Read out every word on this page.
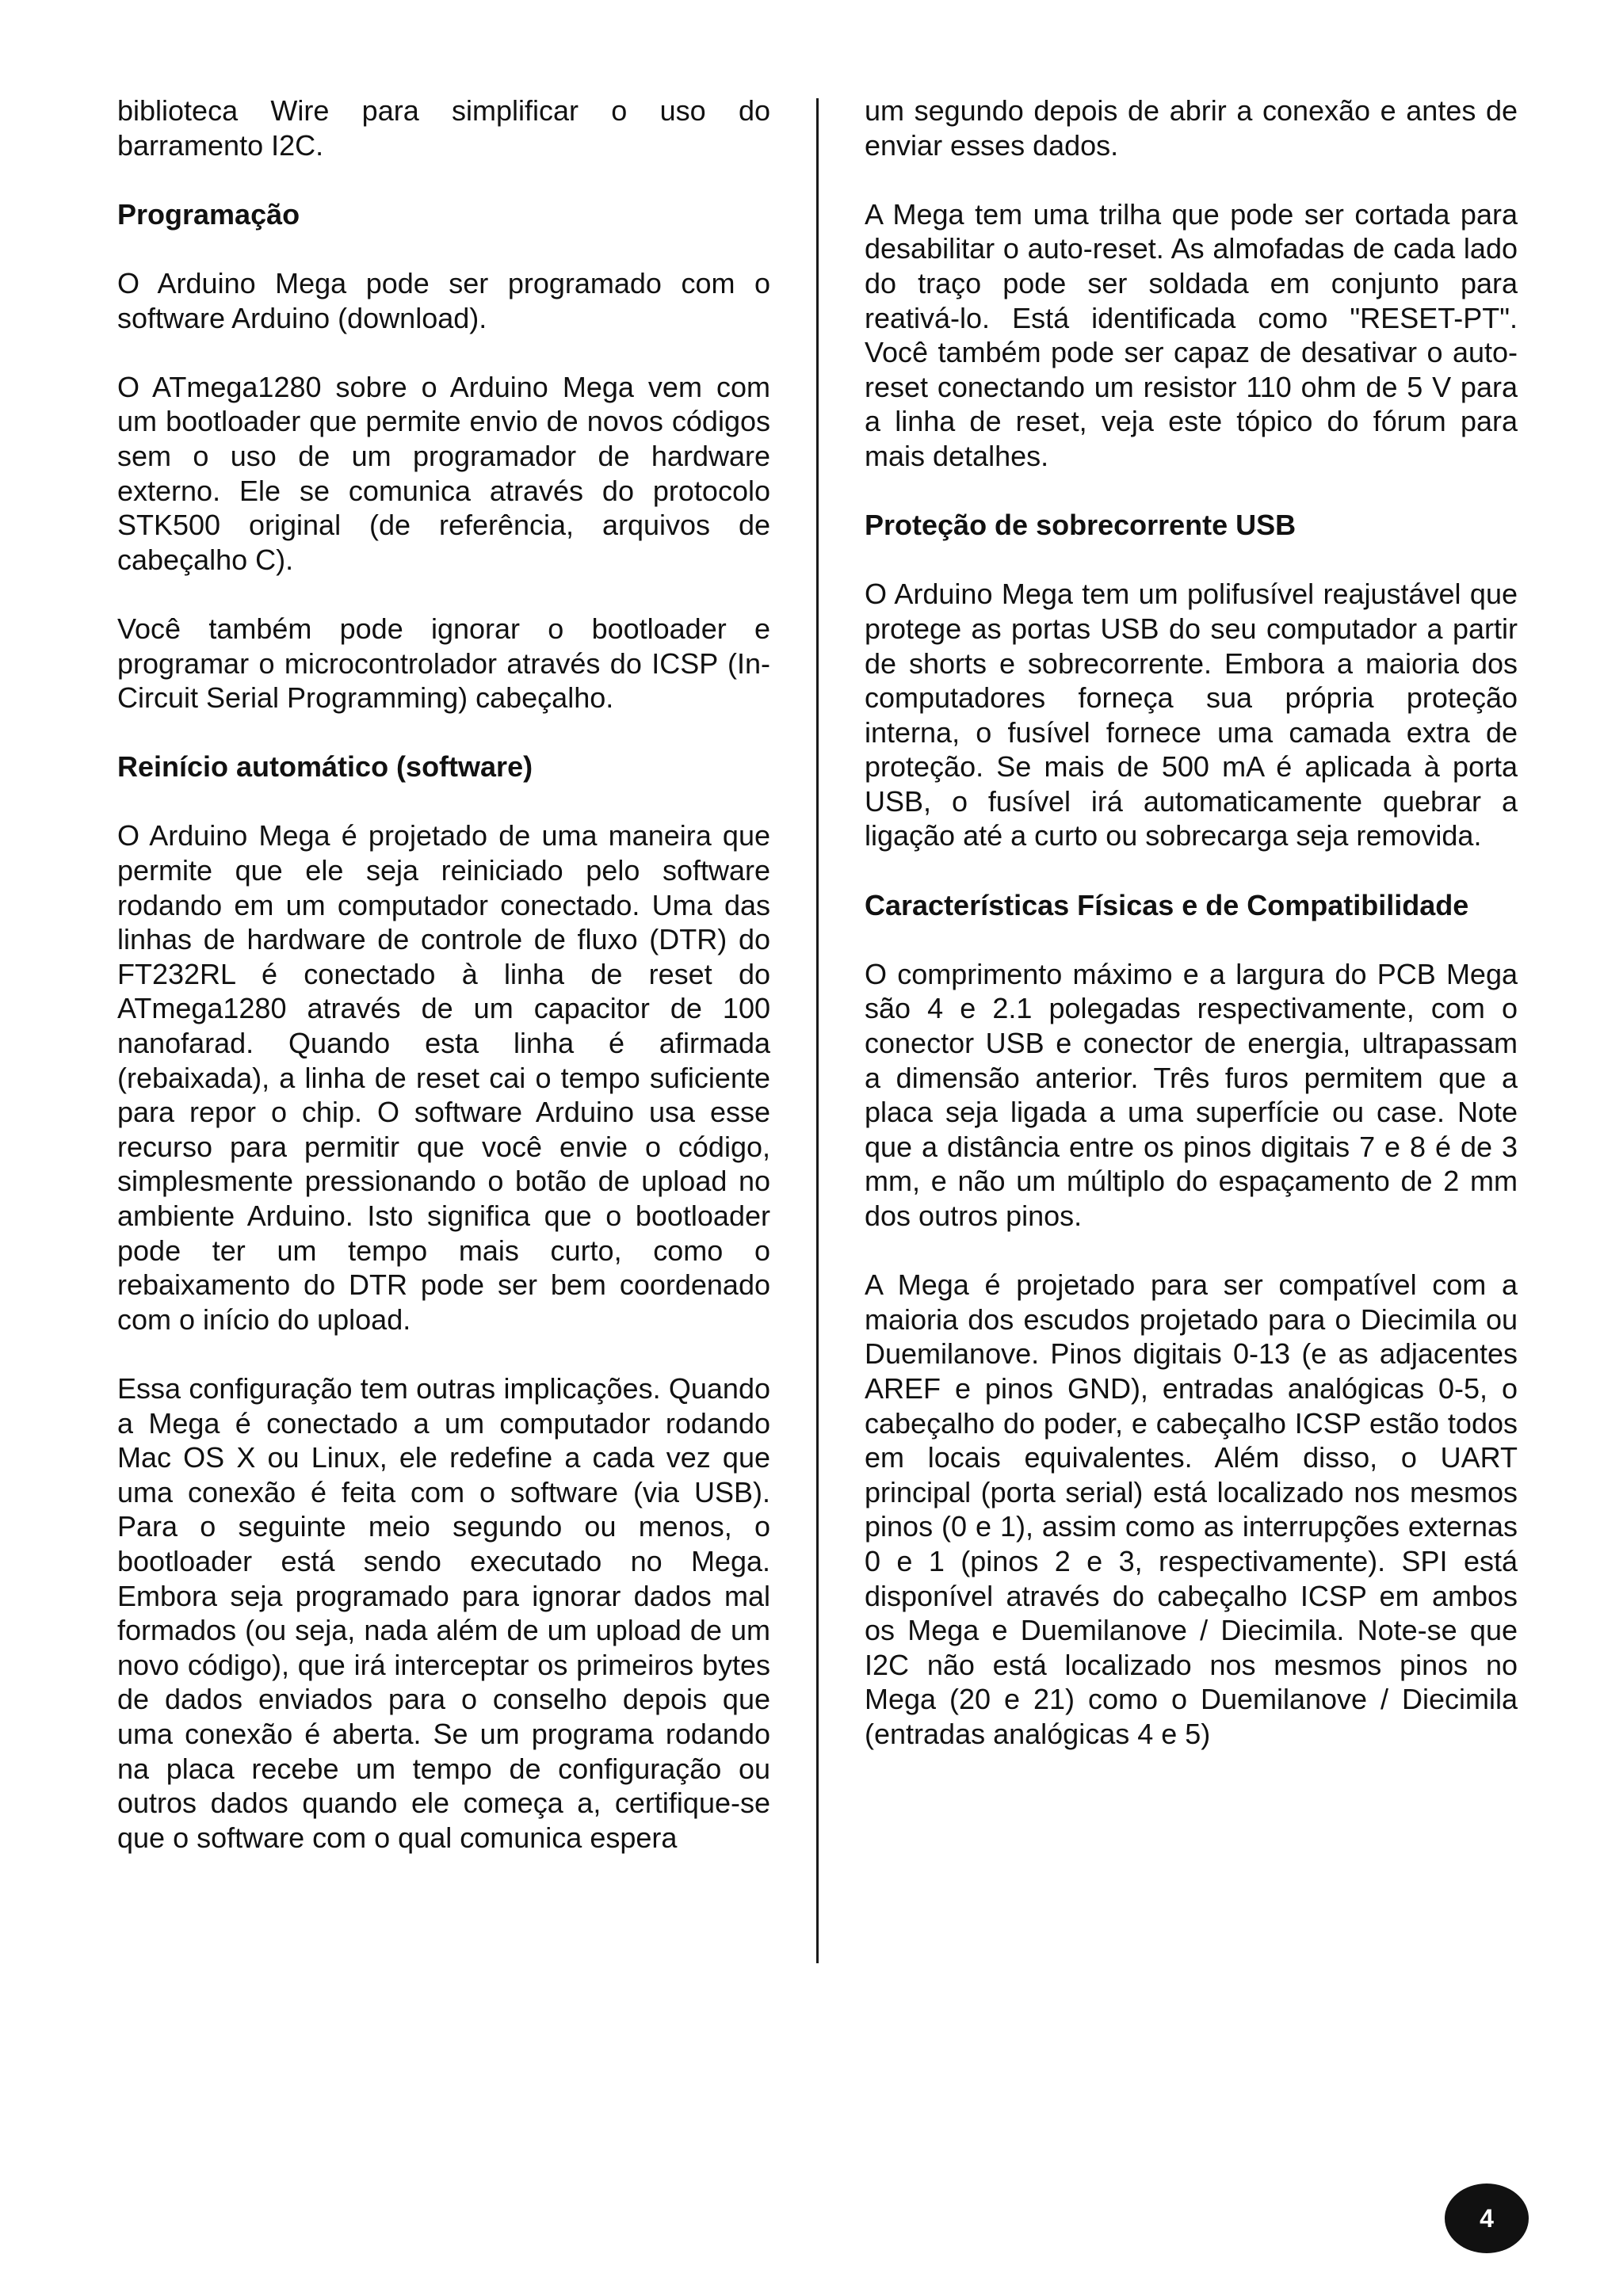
biblioteca Wire para simplificar o uso do barramento I2C.

Programação

O Arduino Mega pode ser programado com o software Arduino (download).

O ATmega1280 sobre o Arduino Mega vem com um bootloader que permite envio de novos códigos sem o uso de um programador de hardware externo. Ele se comunica através do protocolo STK500 original (de referência, arquivos de cabeçalho C).

Você também pode ignorar o bootloader e programar o microcontrolador através do ICSP (In-Circuit Serial Programming) cabeçalho.

Reinício automático (software)

O Arduino Mega é projetado de uma maneira que permite que ele seja reiniciado pelo software rodando em um computador conectado. Uma das linhas de hardware de controle de fluxo (DTR) do FT232RL é conectado à linha de reset do ATmega1280 através de um capacitor de 100 nanofarad. Quando esta linha é afirmada (rebaixada), a linha de reset cai o tempo suficiente para repor o chip. O software Arduino usa esse recurso para permitir que você envie o código, simplesmente pressionando o botão de upload no ambiente Arduino. Isto significa que o bootloader pode ter um tempo mais curto, como o rebaixamento do DTR pode ser bem coordenado com o início do upload.

Essa configuração tem outras implicações. Quando a Mega é conectado a um computador rodando Mac OS X ou Linux, ele redefine a cada vez que uma conexão é feita com o software (via USB). Para o seguinte meio segundo ou menos, o bootloader está sendo executado no Mega. Embora seja programado para ignorar dados mal formados (ou seja, nada além de um upload de um novo código), que irá interceptar os primeiros bytes de dados enviados para o conselho depois que uma conexão é aberta. Se um programa rodando na placa recebe um tempo de configuração ou outros dados quando ele começa a, certifique-se que o software com o qual comunica espera

um segundo depois de abrir a conexão e antes de enviar esses dados.

A Mega tem uma trilha que pode ser cortada para desabilitar o auto-reset. As almofadas de cada lado do traço pode ser soldada em conjunto para reativá-lo. Está identificada como "RESET-PT". Você também pode ser capaz de desativar o auto-reset conectando um resistor 110 ohm de 5 V para a linha de reset, veja este tópico do fórum para mais detalhes.

Proteção de sobrecorrente USB

O Arduino Mega tem um polifusível reajustável que protege as portas USB do seu computador a partir de shorts e sobrecorrente. Embora a maioria dos computadores forneça sua própria proteção interna, o fusível fornece uma camada extra de proteção. Se mais de 500 mA é aplicada à porta USB, o fusível irá automaticamente quebrar a ligação até a curto ou sobrecarga seja removida.

Características Físicas e de Compatibilidade

O comprimento máximo e a largura do PCB Mega são 4 e 2.1 polegadas respectivamente, com o conector USB e conector de energia, ultrapassam a dimensão anterior. Três furos permitem que a placa seja ligada a uma superfície ou case. Note que a distância entre os pinos digitais 7 e 8 é de 3 mm, e não um múltiplo do espaçamento de 2 mm dos outros pinos.

A Mega é projetado para ser compatível com a maioria dos escudos projetado para o Diecimila ou Duemilanove. Pinos digitais 0-13 (e as adjacentes AREF e pinos GND), entradas analógicas 0-5, o cabeçalho do poder, e cabeçalho ICSP estão todos em locais equivalentes. Além disso, o UART principal (porta serial) está localizado nos mesmos pinos (0 e 1), assim como as interrupções externas 0 e 1 (pinos 2 e 3, respectivamente). SPI está disponível através do cabeçalho ICSP em ambos os Mega e Duemilanove / Diecimila. Note-se que I2C não está localizado nos mesmos pinos no Mega (20 e 21) como o Duemilanove / Diecimila (entradas analógicas 4 e 5)

4
